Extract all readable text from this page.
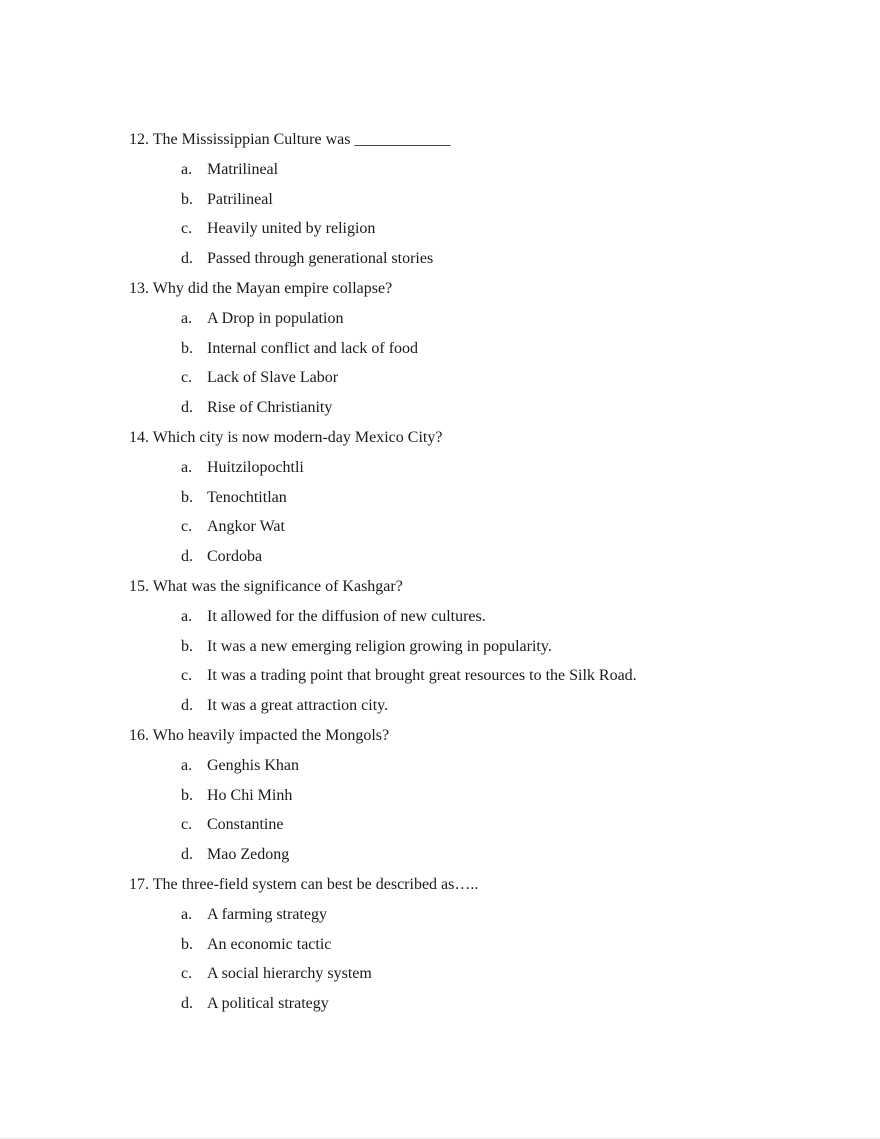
12. The Mississippian Culture was ____________
a. Matrilineal
b. Patrilineal
c. Heavily united by religion
d. Passed through generational stories
13. Why did the Mayan empire collapse?
a. A Drop in population
b. Internal conflict and lack of food
c. Lack of Slave Labor
d. Rise of Christianity
14. Which city is now modern-day Mexico City?
a. Huitzilopochtli
b. Tenochtitlan
c. Angkor Wat
d. Cordoba
15. What was the significance of Kashgar?
a. It allowed for the diffusion of new cultures.
b. It was a new emerging religion growing in popularity.
c. It was a trading point that brought great resources to the Silk Road.
d. It was a great attraction city.
16. Who heavily impacted the Mongols?
a. Genghis Khan
b. Ho Chi Minh
c. Constantine
d. Mao Zedong
17. The three-field system can best be described as…..
a. A farming strategy
b. An economic tactic
c. A social hierarchy system
d. A political strategy
